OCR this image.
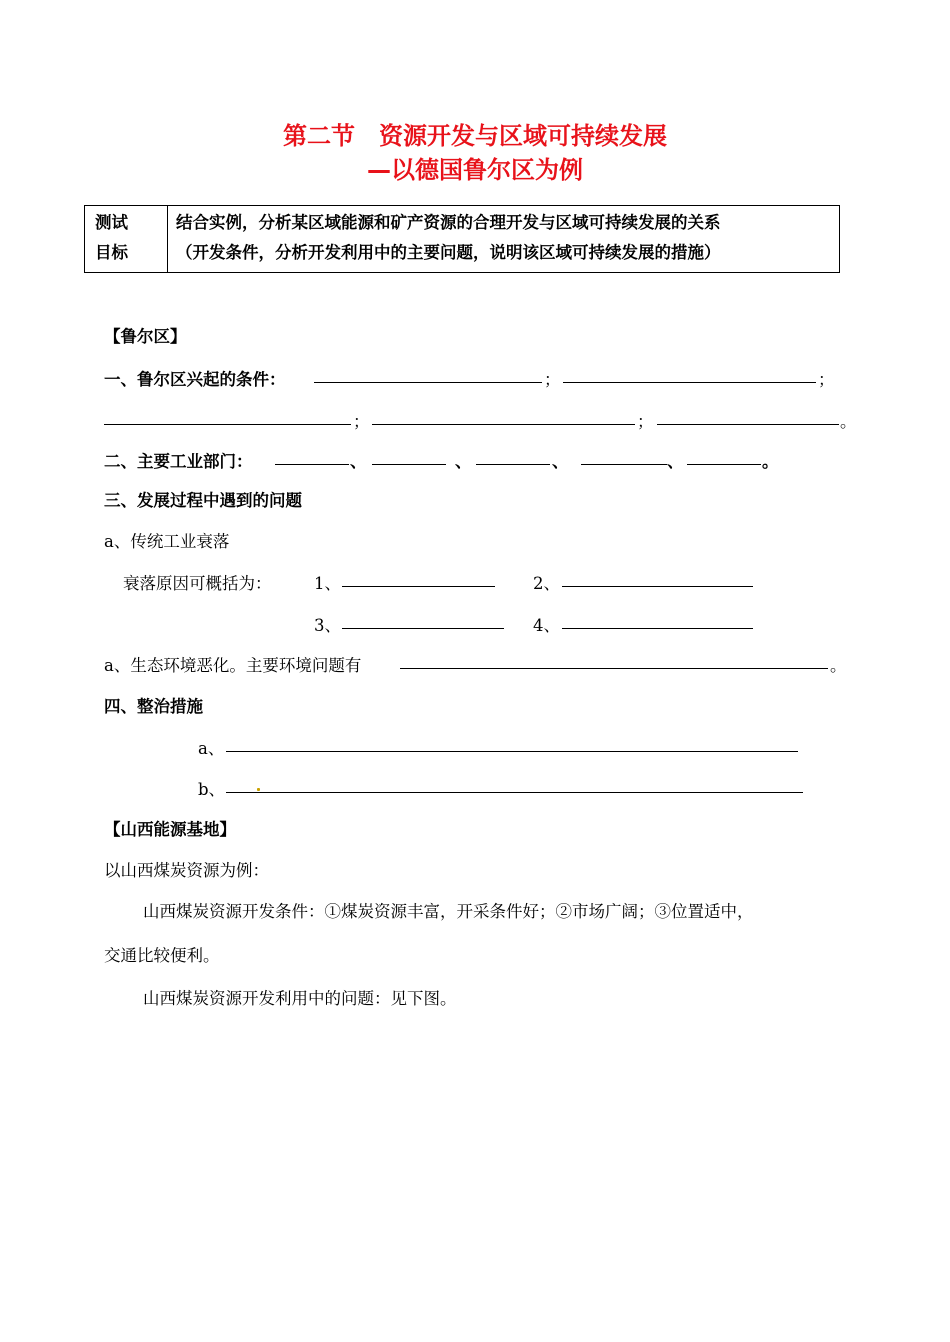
第二节 资源开发与区域可持续发展
—以德国鲁尔区为例
测试
目标

结合实例，分析某区域能源和矿产资源的合理开发与区域可持续发展的关系
（开发条件，分析开发利用中的主要问题，说明该区域可持续发展的措施）
【鲁尔区】
一、鲁尔区兴起的条件：	；	；
；	；	。
二、主要工业部门：	、	、	、	、	。
三、发展过程中遇到的问题
a、传统工业衰落
衰落原因可概括为：	1、	2、
3、	4、
a、生态环境恶化。主要环境问题有	。
四、整治措施
a、
b、
【山西能源基地】
以山西煤炭资源为例：
山西煤炭资源开发条件：①煤炭资源丰富，开采条件好；②市场广阔；③位置适中，
交通比较便利。
山西煤炭资源开发利用中的问题：见下图。
